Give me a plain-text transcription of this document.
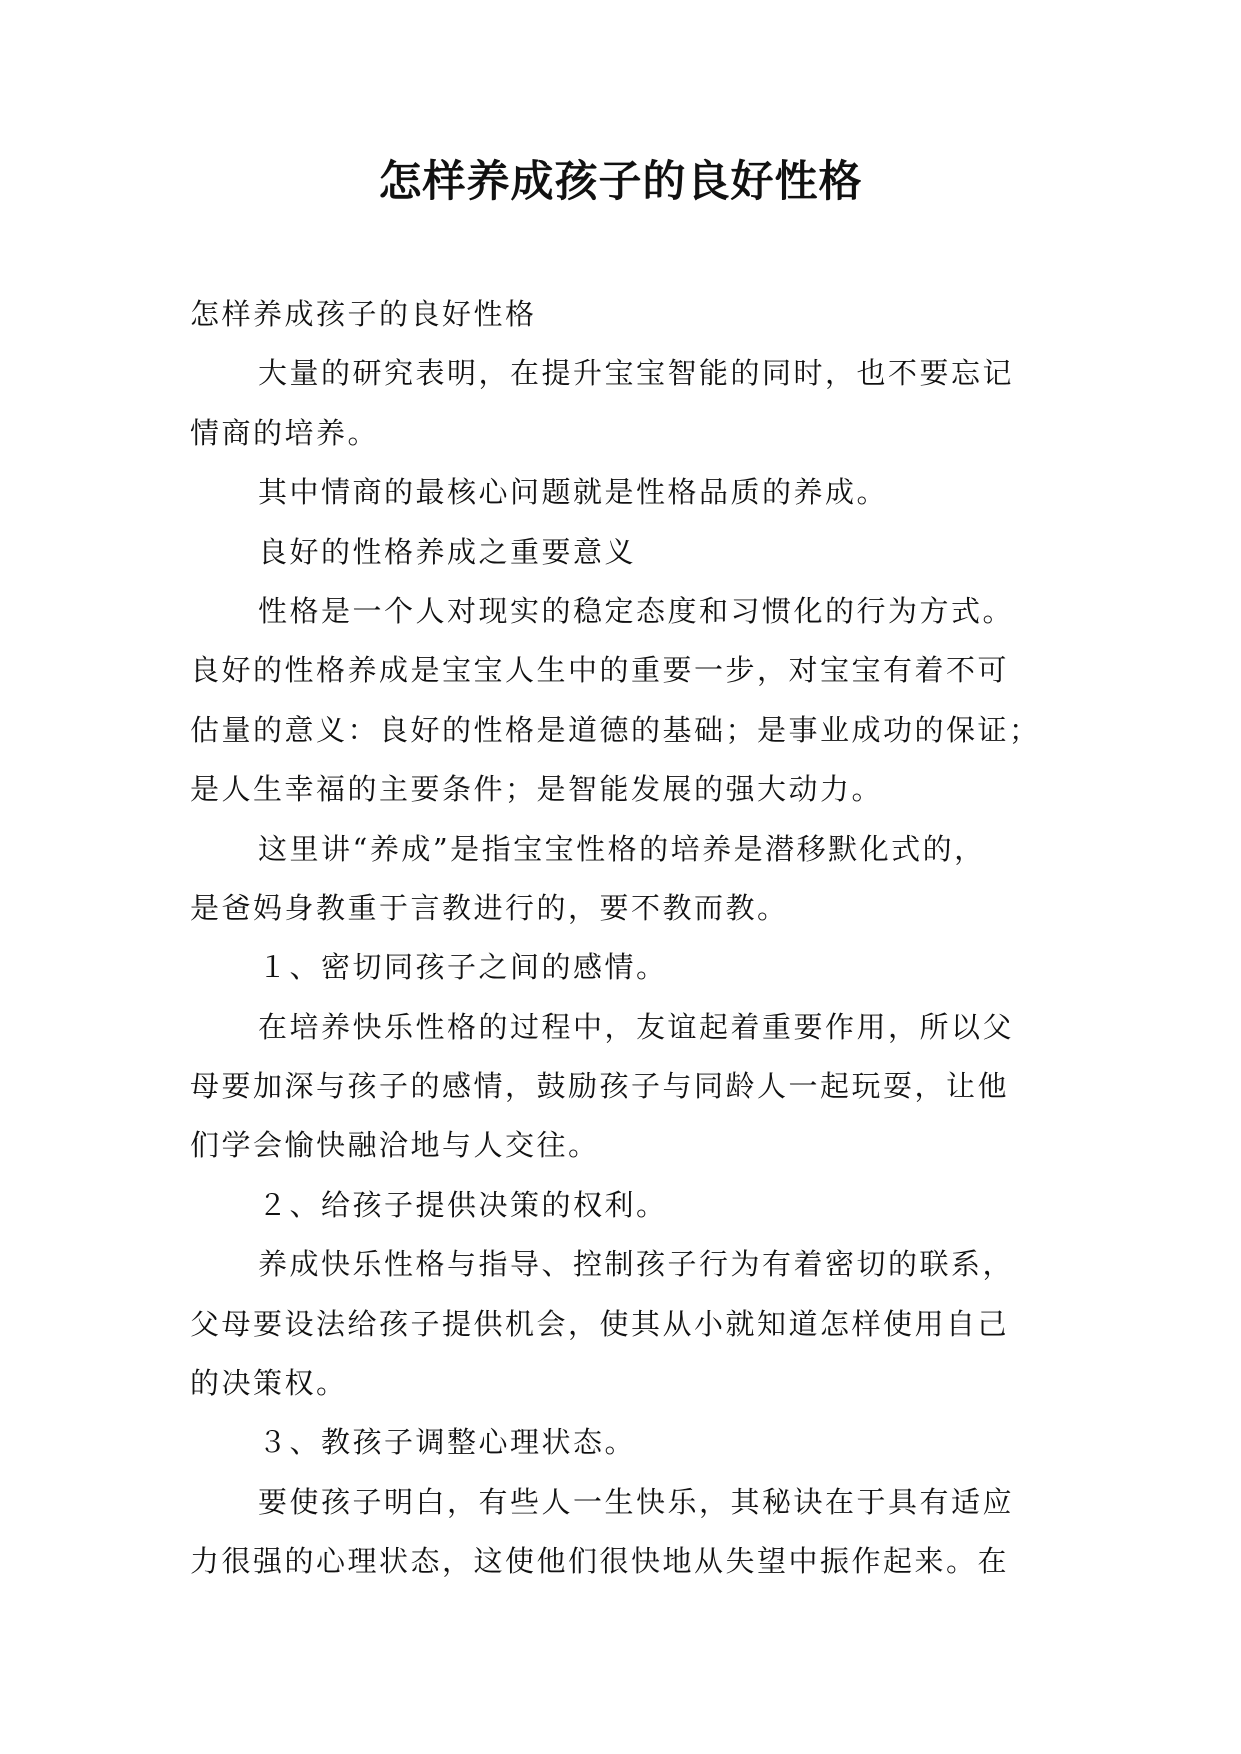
怎样养成孩子的良好性格
怎样养成孩子的良好性格
大量的研究表明，在提升宝宝智能的同时，也不要忘记
情商的培养。
其中情商的最核心问题就是性格品质的养成。
良好的性格养成之重要意义
性格是一个人对现实的稳定态度和习惯化的行为方式。
良好的性格养成是宝宝人生中的重要一步，对宝宝有着不可
估量的意义：良好的性格是道德的基础；是事业成功的保证；
是人生幸福的主要条件；是智能发展的强大动力。
这里讲“养成”是指宝宝性格的培养是潜移默化式的，
是爸妈身教重于言教进行的，要不教而教。
１、密切同孩子之间的感情。
在培养快乐性格的过程中，友谊起着重要作用，所以父
母要加深与孩子的感情，鼓励孩子与同龄人一起玩耍，让他
们学会愉快融洽地与人交往。
２、给孩子提供决策的权利。
养成快乐性格与指导、控制孩子行为有着密切的联系，
父母要设法给孩子提供机会，使其从小就知道怎样使用自己
的决策权。
３、教孩子调整心理状态。
要使孩子明白，有些人一生快乐，其秘诀在于具有适应
力很强的心理状态，这使他们很快地从失望中振作起来。在
